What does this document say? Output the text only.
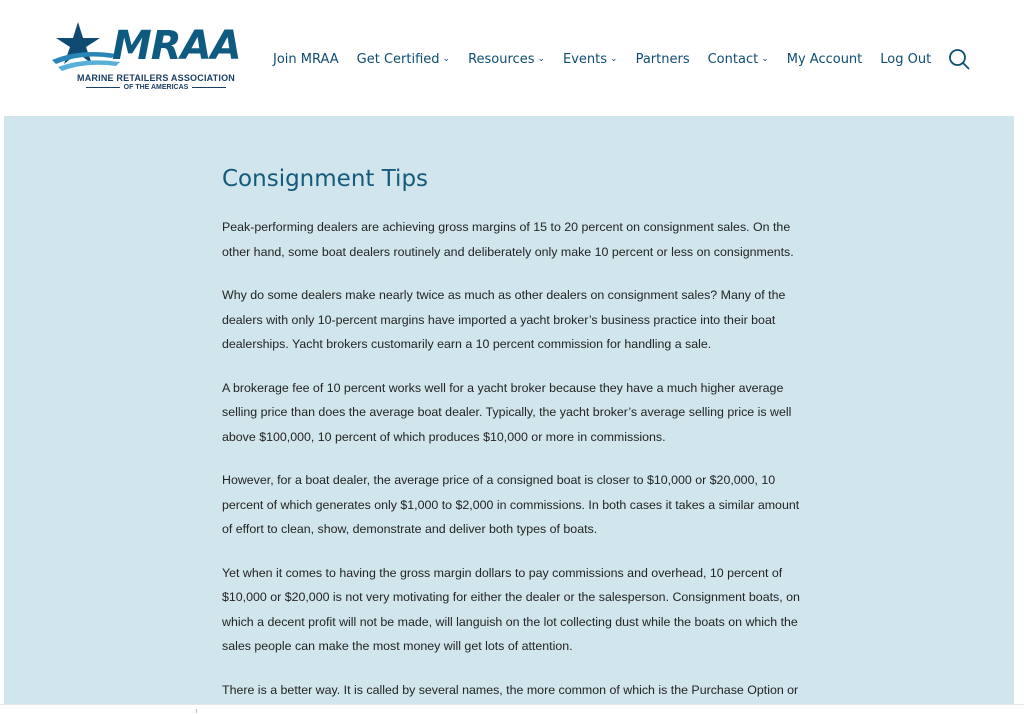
MRAA
MARINE RETAILERS ASSOCIATION
OF THE AMERICAS
Join MRAA Get Certified ⌄ Resources ⌄ Events ⌄ Partners Contact ⌄ My Account Log Out
Consignment Tips

Peak-performing dealers are achieving gross margins of 15 to 20 percent on consignment sales. On the other hand, some boat dealers routinely and deliberately only make 10 percent or less on consignments.

Why do some dealers make nearly twice as much as other dealers on consignment sales? Many of the dealers with only 10-percent margins have imported a yacht broker’s business practice into their boat dealerships. Yacht brokers customarily earn a 10 percent commission for handling a sale.

A brokerage fee of 10 percent works well for a yacht broker because they have a much higher average selling price than does the average boat dealer. Typically, the yacht broker’s average selling price is well above $100,000, 10 percent of which produces $10,000 or more in commissions.

However, for a boat dealer, the average price of a consigned boat is closer to $10,000 or $20,000, 10 percent of which generates only $1,000 to $2,000 in commissions. In both cases it takes a similar amount of effort to clean, show, demonstrate and deliver both types of boats.

Yet when it comes to having the gross margin dollars to pay commissions and overhead, 10 percent of $10,000 or $20,000 is not very motivating for either the dealer or the salesperson. Consignment boats, on which a decent profit will not be made, will languish on the lot collecting dust while the boats on which the sales people can make the most money will get lots of attention.

There is a better way. It is called by several names, the more common of which is the Purchase Option or
